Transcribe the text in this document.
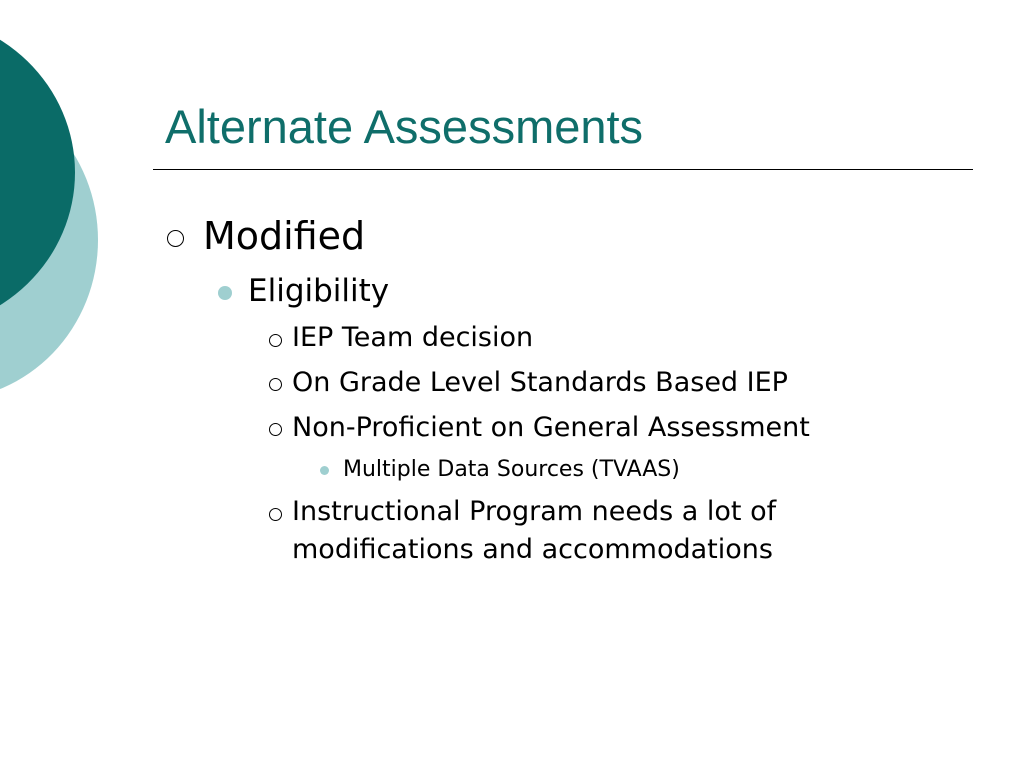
Alternate Assessments
Modified
Eligibility
IEP Team decision
On Grade Level Standards Based IEP
Non-Proficient on General Assessment
Multiple Data Sources (TVAAS)
Instructional Program needs a lot of
modifications and accommodations
